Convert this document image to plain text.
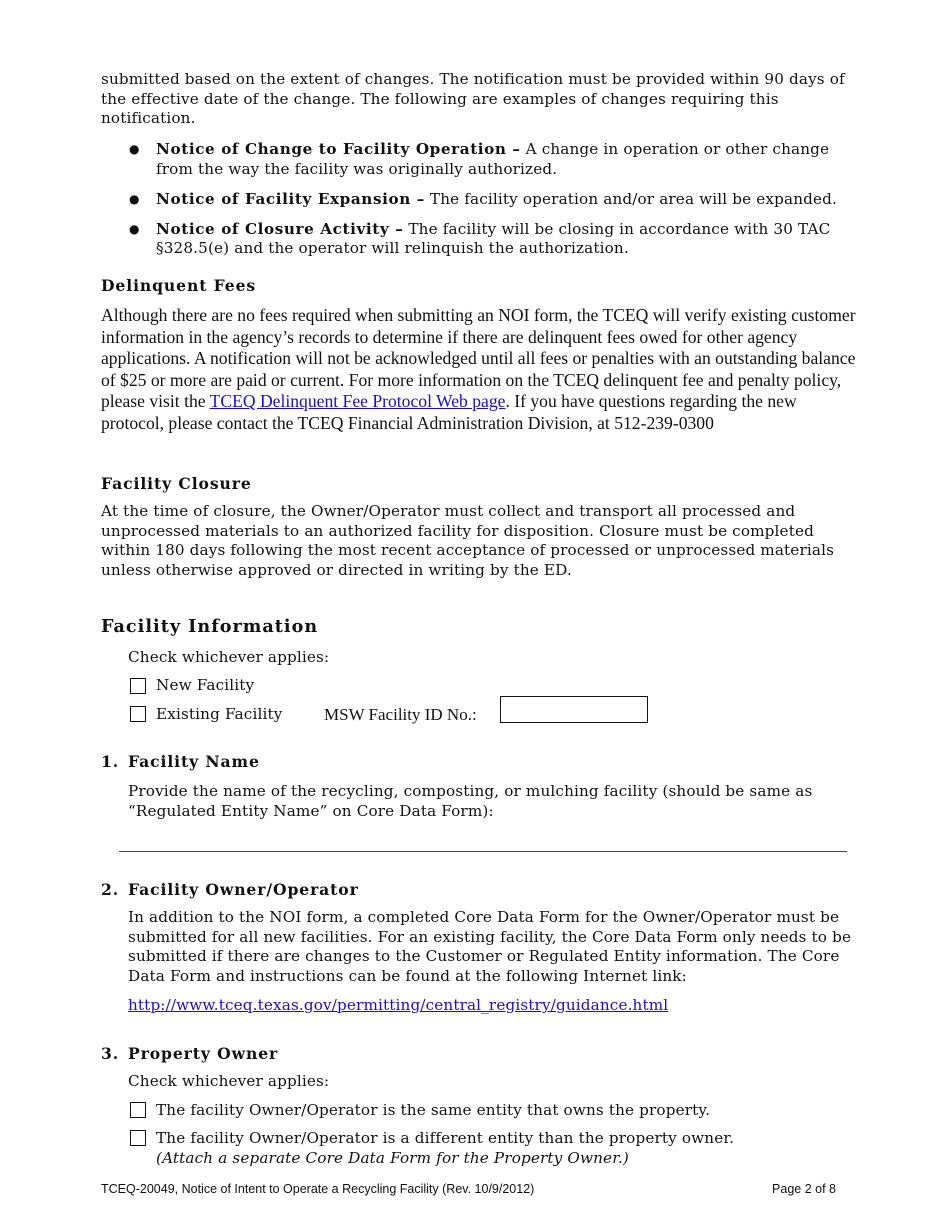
submitted based on the extent of changes. The notification must be provided within 90 days of the effective date of the change. The following are examples of changes requiring this notification.

● Notice of Change to Facility Operation – A change in operation or other change from the way the facility was originally authorized.
● Notice of Facility Expansion – The facility operation and/or area will be expanded.
● Notice of Closure Activity – The facility will be closing in accordance with 30 TAC §328.5(e) and the operator will relinquish the authorization.
Delinquent Fees

Although there are no fees required when submitting an NOI form, the TCEQ will verify existing customer information in the agency’s records to determine if there are delinquent fees owed for other agency applications. A notification will not be acknowledged until all fees or penalties with an outstanding balance of $25 or more are paid or current. For more information on the TCEQ delinquent fee and penalty policy, please visit the TCEQ Delinquent Fee Protocol Web page. If you have questions regarding the new protocol, please contact the TCEQ Financial Administration Division, at 512-239-0300

Facility Closure

At the time of closure, the Owner/Operator must collect and transport all processed and unprocessed materials to an authorized facility for disposition. Closure must be completed within 180 days following the most recent acceptance of processed or unprocessed materials unless otherwise approved or directed in writing by the ED.

Facility Information

Check whichever applies:

New Facility
Existing Facility MSW Facility ID No.:
1. Facility Name

Provide the name of the recycling, composting, or mulching facility (should be same as “Regulated Entity Name” on Core Data Form):

2. Facility Owner/Operator

In addition to the NOI form, a completed Core Data Form for the Owner/Operator must be submitted for all new facilities. For an existing facility, the Core Data Form only needs to be submitted if there are changes to the Customer or Regulated Entity information. The Core Data Form and instructions can be found at the following Internet link:

http://www.tceq.texas.gov/permitting/central_registry/guidance.html
3. Property Owner

Check whichever applies:

The facility Owner/Operator is the same entity that owns the property.
The facility Owner/Operator is a different entity than the property owner.
(Attach a separate Core Data Form for the Property Owner.)
TCEQ-20049, Notice of Intent to Operate a Recycling Facility (Rev. 10/9/2012)	Page 2 of 8
